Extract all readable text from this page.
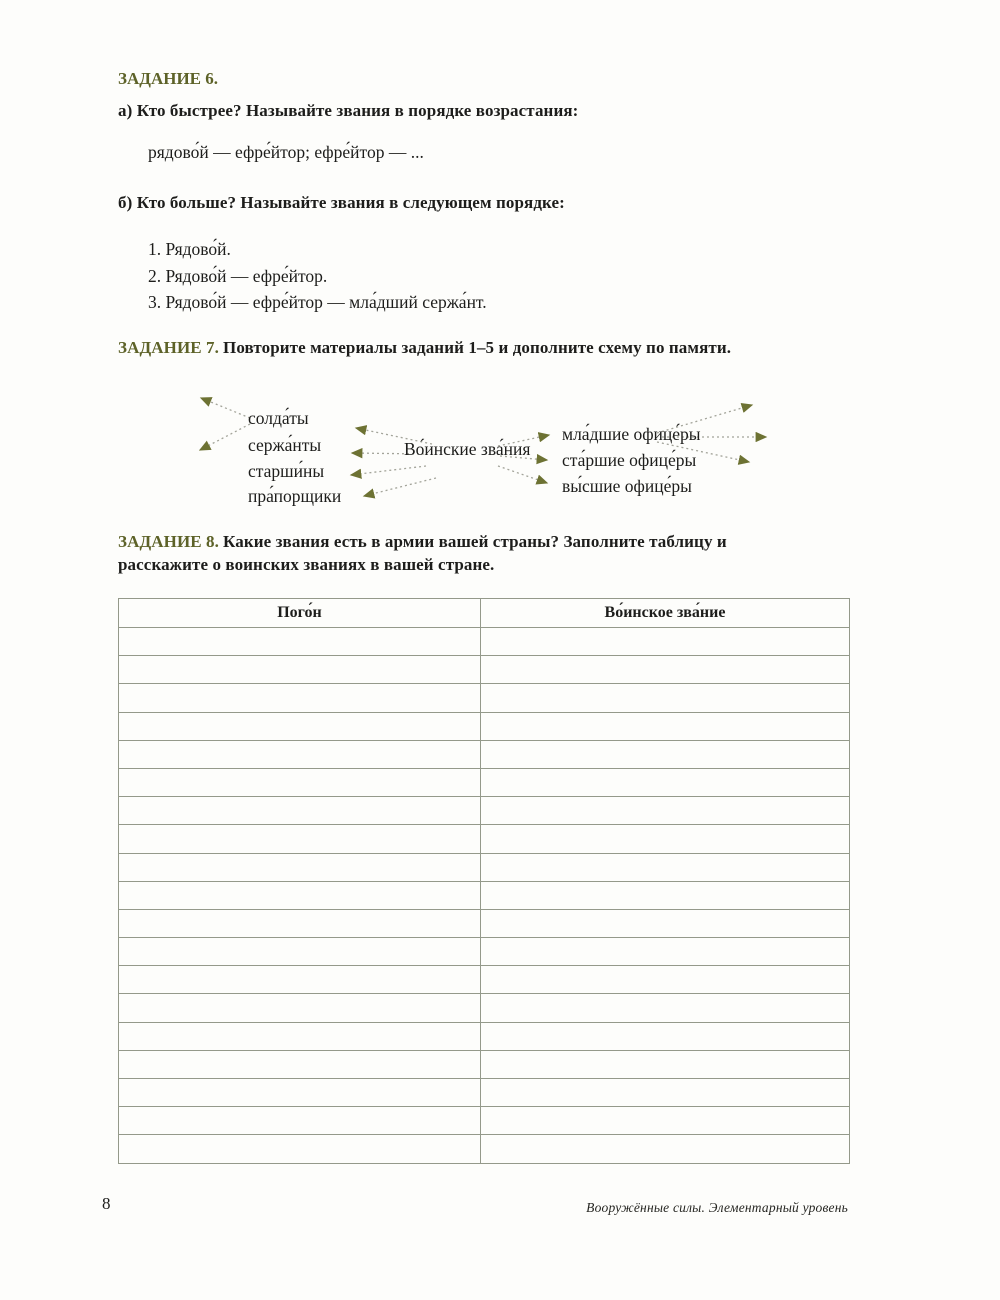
ЗАДАНИЕ 6.
а) Кто быстрее? Называйте звания в порядке возрастания:
рядово́й — ефре́йтор; ефре́йтор — ...
б) Кто больше? Называйте звания в следующем порядке:
1. Рядово́й.
2. Рядово́й — ефре́йтор.
3. Рядово́й — ефре́йтор — мла́дший сержа́нт.
ЗАДАНИЕ 7. Повторите материалы заданий 1–5 и дополните схему по памяти.
солда́ты
сержа́нты
старши́ны
пра́порщики
Во́инские зва́ния
мла́дшие офице́ры
ста́ршие офице́ры
вы́сшие офице́ры
ЗАДАНИЕ 8. Какие звания есть в армии вашей страны? Заполните таблицу и расскажите о воинских званиях в вашей стране.
Пого́н	Во́инское зва́ние

8	Вооружённые силы. Элементарный уровень
